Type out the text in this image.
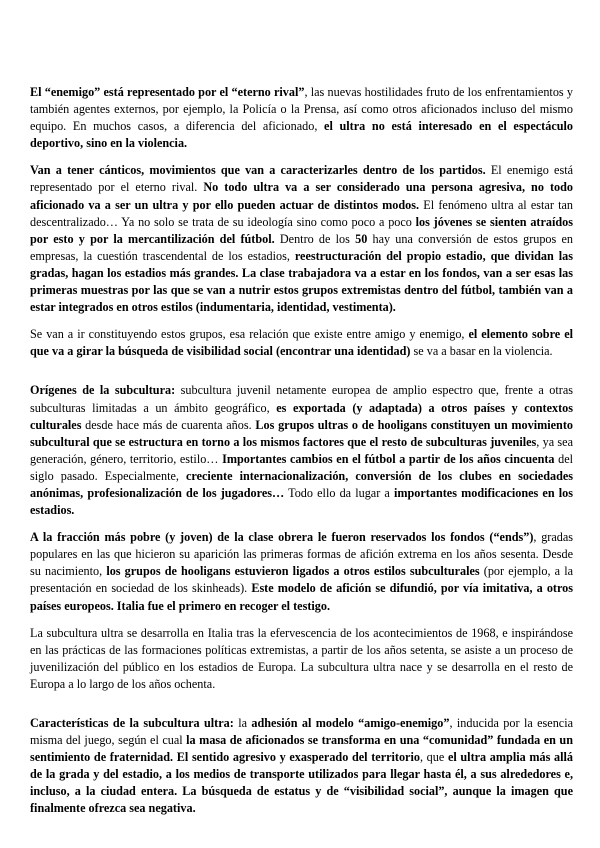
El “enemigo” está representado por el “eterno rival”, las nuevas hostilidades fruto de los enfrentamientos y también agentes externos, por ejemplo, la Policía o la Prensa, así como otros aficionados incluso del mismo equipo. En muchos casos, a diferencia del aficionado, el ultra no está interesado en el espectáculo deportivo, sino en la violencia.

Van a tener cánticos, movimientos que van a caracterizarles dentro de los partidos. El enemigo está representado por el eterno rival. No todo ultra va a ser considerado una persona agresiva, no todo aficionado va a ser un ultra y por ello pueden actuar de distintos modos. El fenómeno ultra al estar tan descentralizado… Ya no solo se trata de su ideología sino como poco a poco los jóvenes se sienten atraídos por esto y por la mercantilización del fútbol. Dentro de los 50 hay una conversión de estos grupos en empresas, la cuestión trascendental de los estadios, reestructuración del propio estadio, que dividan las gradas, hagan los estadios más grandes. La clase trabajadora va a estar en los fondos, van a ser esas las primeras muestras por las que se van a nutrir estos grupos extremistas dentro del fútbol, también van a estar integrados en otros estilos (indumentaria, identidad, vestimenta).

Se van a ir constituyendo estos grupos, esa relación que existe entre amigo y enemigo, el elemento sobre el que va a girar la búsqueda de visibilidad social (encontrar una identidad) se va a basar en la violencia.

Orígenes de la subcultura: subcultura juvenil netamente europea de amplio espectro que, frente a otras subculturas limitadas a un ámbito geográfico, es exportada (y adaptada) a otros países y contextos culturales desde hace más de cuarenta años. Los grupos ultras o de hooligans constituyen un movimiento subcultural que se estructura en torno a los mismos factores que el resto de subculturas juveniles, ya sea generación, género, territorio, estilo… Importantes cambios en el fútbol a partir de los años cincuenta del siglo pasado. Especialmente, creciente internacionalización, conversión de los clubes en sociedades anónimas, profesionalización de los jugadores… Todo ello da lugar a importantes modificaciones en los estadios.

A la fracción más pobre (y joven) de la clase obrera le fueron reservados los fondos (“ends”), gradas populares en las que hicieron su aparición las primeras formas de afición extrema en los años sesenta. Desde su nacimiento, los grupos de hooligans estuvieron ligados a otros estilos subculturales (por ejemplo, a la presentación en sociedad de los skinheads). Este modelo de afición se difundió, por vía imitativa, a otros países europeos. Italia fue el primero en recoger el testigo.

La subcultura ultra se desarrolla en Italia tras la efervescencia de los acontecimientos de 1968, e inspirándose en las prácticas de las formaciones políticas extremistas, a partir de los años setenta, se asiste a un proceso de juvenilización del público en los estadios de Europa. La subcultura ultra nace y se desarrolla en el resto de Europa a lo largo de los años ochenta.

Características de la subcultura ultra: la adhesión al modelo “amigo-enemigo”, inducida por la esencia misma del juego, según el cual la masa de aficionados se transforma en una “comunidad” fundada en un sentimiento de fraternidad. El sentido agresivo y exasperado del territorio, que el ultra amplia más allá de la grada y del estadio, a los medios de transporte utilizados para llegar hasta él, a sus alrededores e, incluso, a la ciudad entera. La búsqueda de estatus y de “visibilidad social”, aunque la imagen que finalmente ofrezca sea negativa.
